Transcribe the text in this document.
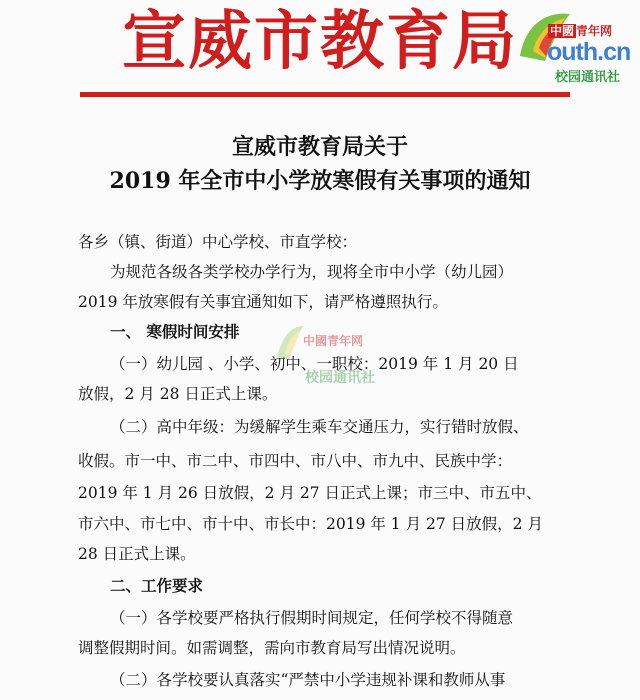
宣威市教育局	中國 青年网
outh.cn
校园通讯社
宣威市教育局关于
2019 年全市中小学放寒假有关事项的通知
各乡（镇、街道）中心学校、市直学校：
为规范各级各类学校办学行为，现将全市中小学（幼儿园）
2019 年放寒假有关事宜通知如下，请严格遵照执行。
一、 寒假时间安排	中國青年网
校园通讯社
（一）幼儿园 、小学、初中、一职校：2019 年 1 月 20 日
放假，2 月 28 日正式上课。
（二）高中年级：为缓解学生乘车交通压力，实行错时放假、
收假。市一中、市二中、市四中、市八中、市九中、民族中学：
2019 年 1 月 26 日放假，2 月 27 日正式上课；市三中、市五中、
市六中、市七中、市十中、市长中：2019 年 1 月 27 日放假，2 月
28 日正式上课。
二、工作要求
（一）各学校要严格执行假期时间规定，任何学校不得随意
调整假期时间。如需调整，需向市教育局写出情况说明。
（二）各学校要认真落实“严禁中小学违规补课和教师从事
